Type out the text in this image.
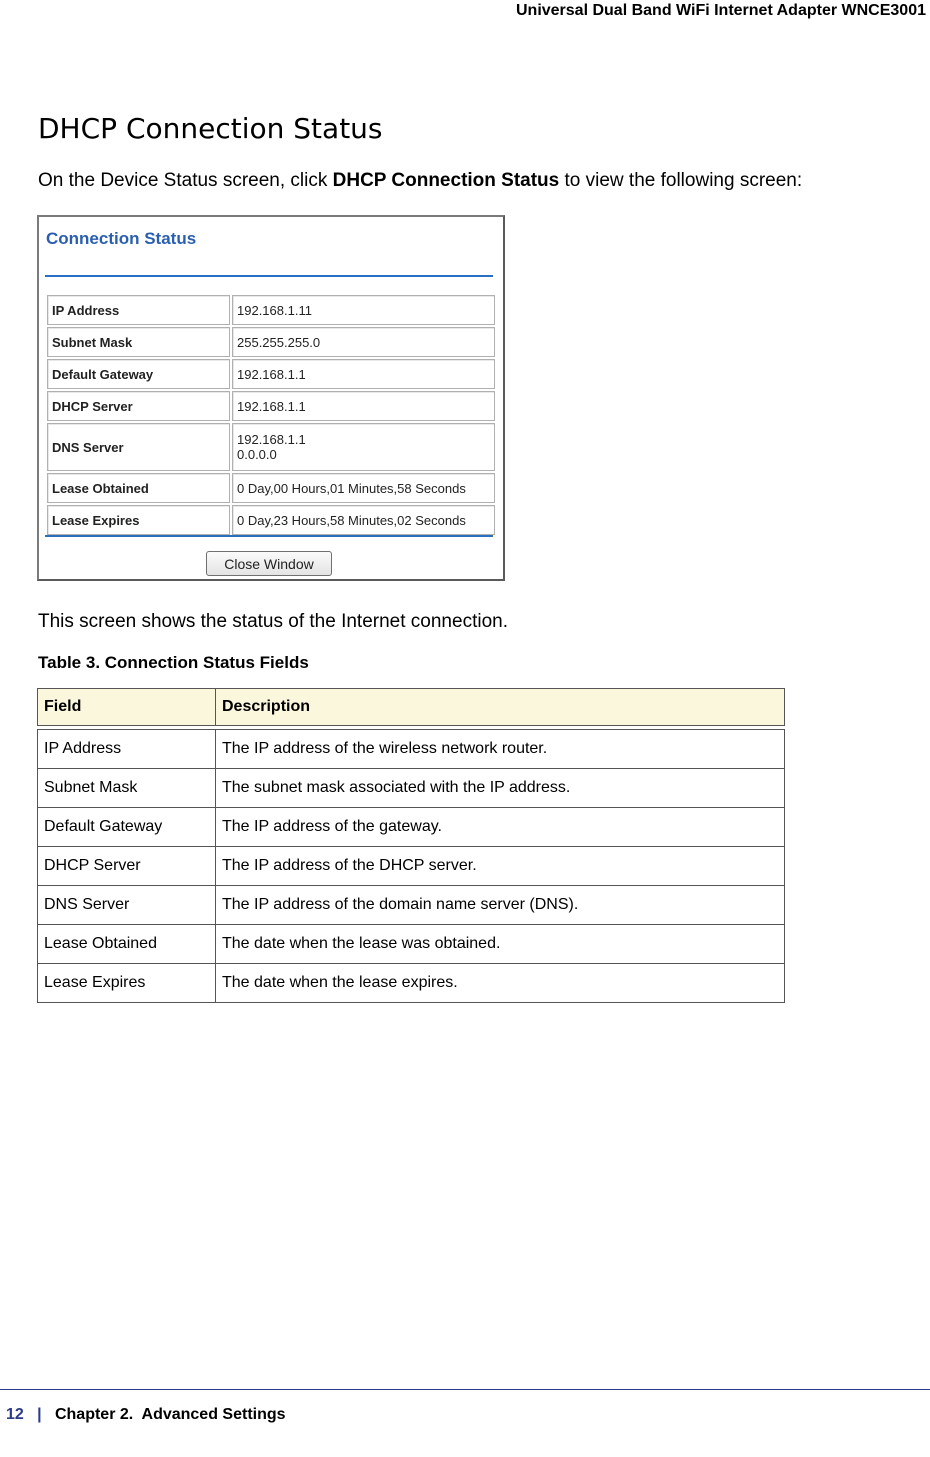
Universal Dual Band WiFi Internet Adapter WNCE3001
DHCP Connection Status
On the Device Status screen, click DHCP Connection Status to view the following screen:
Connection Status
IP Address	192.168.1.11
Subnet Mask	255.255.255.0
Default Gateway	192.168.1.1
DHCP Server	192.168.1.1
DNS Server	192.168.1.1
0.0.0.0

Lease Obtained	0 Day,00 Hours,01 Minutes,58 Seconds
Lease Expires	0 Day,23 Hours,58 Minutes,02 Seconds
Close Window
This screen shows the status of the Internet connection.
Table 3. Connection Status Fields
Field	Description

IP Address	The IP address of the wireless network router.
Subnet Mask	The subnet mask associated with the IP address.
Default Gateway	The IP address of the gateway.
DHCP Server	The IP address of the DHCP server.
DNS Server	The IP address of the domain name server (DNS).
Lease Obtained	The date when the lease was obtained.
Lease Expires	The date when the lease expires.
12 | Chapter 2.  Advanced Settings
